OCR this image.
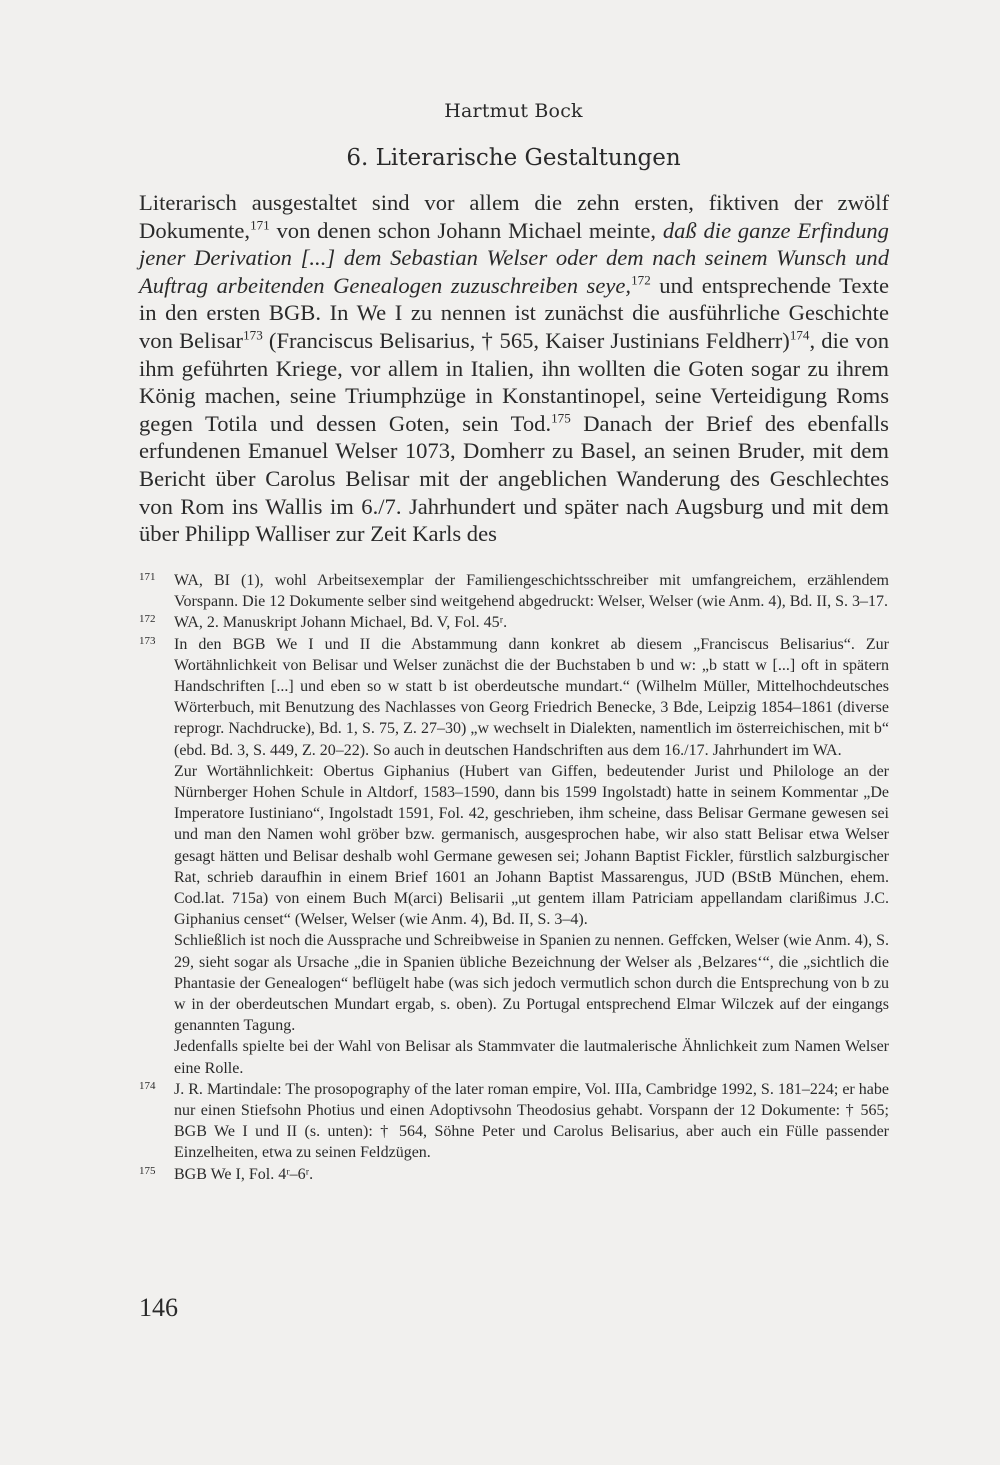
Hartmut Bock
6. Literarische Gestaltungen

Literarisch ausgestaltet sind vor allem die zehn ersten, fiktiven der zwölf Dokumente,$^{171}$ von denen schon Johann Michael meinte, daß die ganze Erfindung jener Derivation [...] dem Sebastian Welser oder dem nach seinem Wunsch und Auftrag arbeitenden Genealogen zuzuschreiben seye,$^{172}$ und entsprechende Texte in den ersten BGB. In We I zu nennen ist zunächst die ausführliche Geschichte von Belisar$^{173}$ (Franciscus Belisarius, † 565, Kaiser Justinians Feldherr)$^{174}$, die von ihm geführten Kriege, vor allem in Italien, ihn wollten die Goten sogar zu ihrem König machen, seine Triumphzüge in Konstantinopel, seine Verteidigung Roms gegen Totila und dessen Goten, sein Tod.$^{175}$ Danach der Brief des ebenfalls erfundenen Emanuel Welser 1073, Domherr zu Basel, an seinen Bruder, mit dem Bericht über Carolus Belisar mit der angeblichen Wanderung des Geschlechtes von Rom ins Wallis im 6./7. Jahrhundert und später nach Augsburg und mit dem über Philipp Walliser zur Zeit Karls des

171 WA, BI (1), wohl Arbeitsexemplar der Familiengeschichtsschreiber mit umfangreichem, erzählendem Vorspann. Die 12 Dokumente selber sind weitgehend abgedruckt: Welser, Welser (wie Anm. 4), Bd. II, S. 3–17.

172 WA, 2. Manuskript Johann Michael, Bd. V, Fol. 45ʳ.

173 In den BGB We I und II die Abstammung dann konkret ab diesem „Franciscus Belisarius“. Zur Wortähnlichkeit von Belisar und Welser zunächst die der Buchstaben b und w: „b statt w [...] oft in spätern Handschriften [...] und eben so w statt b ist oberdeutsche mundart.“ (Wilhelm Müller, Mittelhochdeutsches Wörterbuch, mit Benutzung des Nachlasses von Georg Friedrich Benecke, 3 Bde, Leipzig 1854–1861 (diverse reprogr. Nachdrucke), Bd. 1, S. 75, Z. 27–30) „w wechselt in Dialekten, namentlich im österreichischen, mit b“ (ebd. Bd. 3, S. 449, Z. 20–22). So auch in deutschen Handschriften aus dem 16./17. Jahrhundert im WA.

Zur Wortähnlichkeit: Obertus Giphanius (Hubert van Giffen, bedeutender Jurist und Philologe an der Nürnberger Hohen Schule in Altdorf, 1583–1590, dann bis 1599 Ingolstadt) hatte in seinem Kommentar „De Imperatore Iustiniano“, Ingolstadt 1591, Fol. 42, geschrieben, ihm scheine, dass Belisar Germane gewesen sei und man den Namen wohl gröber bzw. germanisch, ausgesprochen habe, wir also statt Belisar etwa Welser gesagt hätten und Belisar deshalb wohl Germane gewesen sei; Johann Baptist Fickler, fürstlich salzburgischer Rat, schrieb daraufhin in einem Brief 1601 an Johann Baptist Massarengus, JUD (BStB München, ehem. Cod.lat. 715a) von einem Buch M(arci) Belisarii „ut gentem illam Patriciam appellandam clarißimus J.C. Giphanius censet“ (Welser, Welser (wie Anm. 4), Bd. II, S. 3–4).

Schließlich ist noch die Aussprache und Schreibweise in Spanien zu nennen. Geffcken, Welser (wie Anm. 4), S. 29, sieht sogar als Ursache „die in Spanien übliche Bezeichnung der Welser als ‚Belzares‘“, die „sichtlich die Phantasie der Genealogen“ beflügelt habe (was sich jedoch vermutlich schon durch die Entsprechung von b zu w in der oberdeutschen Mundart ergab, s. oben). Zu Portugal entsprechend Elmar Wilczek auf der eingangs genannten Tagung.

Jedenfalls spielte bei der Wahl von Belisar als Stammvater die lautmalerische Ähnlichkeit zum Namen Welser eine Rolle.

174 J. R. Martindale: The prosopography of the later roman empire, Vol. IIIa, Cambridge 1992, S. 181–224; er habe nur einen Stiefsohn Photius und einen Adoptivsohn Theodosius gehabt. Vorspann der 12 Dokumente: † 565; BGB We I und II (s. unten): † 564, Söhne Peter und Carolus Belisarius, aber auch ein Fülle passender Einzelheiten, etwa zu seinen Feldzügen.

175 BGB We I, Fol. 4ʳ–6ʳ.

146
